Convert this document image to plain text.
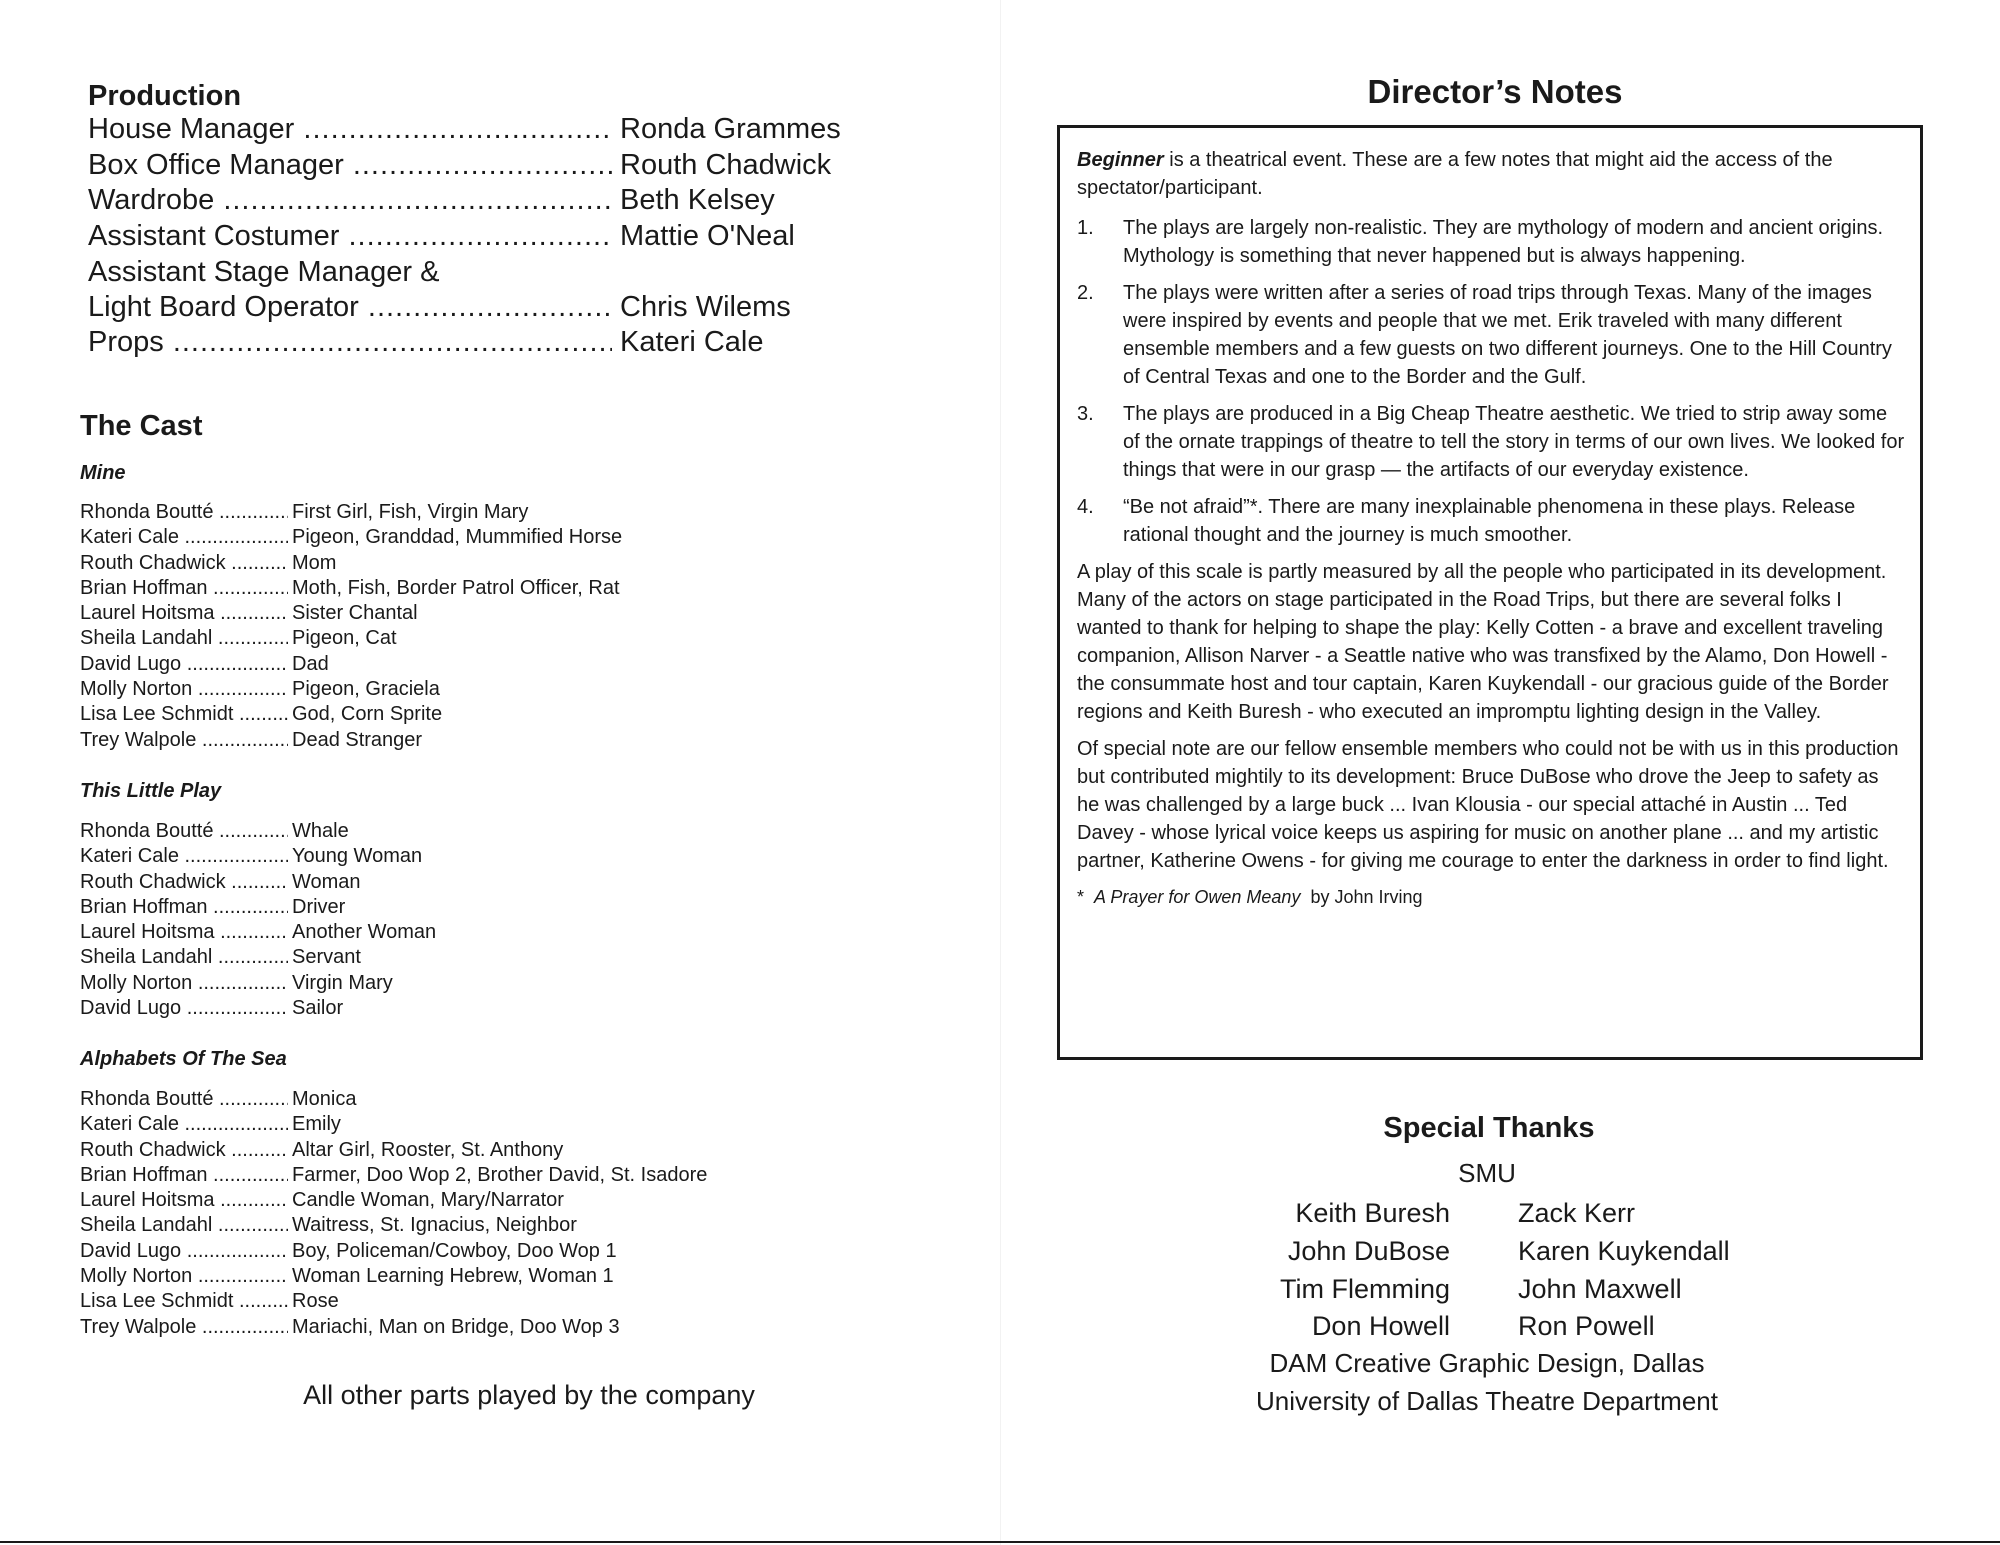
Production
House Manager .....	Ronda Grammes
Box Office Manager .....	Routh Chadwick
Wardrobe .....	Beth Kelsey
Assistant Costumer .....	Mattie O'Neal
Assistant Stage Manager &
Light Board Operator .....	Chris Wilems
Props .....	Kateri Cale
The Cast
Mine
Rhonda Boutté .....	First Girl, Fish, Virgin Mary
Kateri Cale .....	Pigeon, Granddad, Mummified Horse
Routh Chadwick .....	Mom
Brian Hoffman .....	Moth, Fish, Border Patrol Officer, Rat
Laurel Hoitsma .....	Sister Chantal
Sheila Landahl .....	Pigeon, Cat
David Lugo .....	Dad
Molly Norton .....	Pigeon, Graciela
Lisa Lee Schmidt .....	God, Corn Sprite
Trey Walpole .....	Dead Stranger
This Little Play
Rhonda Boutté .....	Whale
Kateri Cale .....	Young Woman
Routh Chadwick .....	Woman
Brian Hoffman .....	Driver
Laurel Hoitsma .....	Another Woman
Sheila Landahl .....	Servant
Molly Norton .....	Virgin Mary
David Lugo .....	Sailor
Alphabets Of The Sea
Rhonda Boutté .....	Monica
Kateri Cale .....	Emily
Routh Chadwick .....	Altar Girl, Rooster, St. Anthony
Brian Hoffman .....	Farmer, Doo Wop 2, Brother David, St. Isadore
Laurel Hoitsma .....	Candle Woman, Mary/Narrator
Sheila Landahl .....	Waitress, St. Ignacius, Neighbor
David Lugo .....	Boy, Policeman/Cowboy, Doo Wop 1
Molly Norton .....	Woman Learning Hebrew, Woman 1
Lisa Lee Schmidt .....	Rose
Trey Walpole .....	Mariachi, Man on Bridge, Doo Wop 3
All other parts played by the company
Director’s Notes
Beginner is a theatrical event. These are a few notes that might aid the access of the spectator/participant.
1.	The plays are largely non-realistic. They are mythology of modern and ancient origins. Mythology is something that never happened but is always happening.
2.	The plays were written after a series of road trips through Texas. Many of the images were inspired by events and people that we met. Erik traveled with many different ensemble members and a few guests on two different journeys. One to the Hill Country of Central Texas and one to the Border and the Gulf.
3.	The plays are produced in a Big Cheap Theatre aesthetic. We tried to strip away some of the ornate trappings of theatre to tell the story in terms of our own lives. We looked for things that were in our grasp — the artifacts of our everyday existence.
4.	“Be not afraid”*. There are many inexplainable phenomena in these plays. Release rational thought and the journey is much smoother.
A play of this scale is partly measured by all the people who participated in its development. Many of the actors on stage participated in the Road Trips, but there are several folks I wanted to thank for helping to shape the play: Kelly Cotten - a brave and excellent traveling companion, Allison Narver - a Seattle native who was transfixed by the Alamo, Don Howell - the consummate host and tour captain, Karen Kuykendall - our gracious guide of the Border regions and Keith Buresh - who executed an impromptu lighting design in the Valley.
Of special note are our fellow ensemble members who could not be with us in this production but contributed mightily to its development: Bruce DuBose who drove the Jeep to safety as he was challenged by a large buck ... Ivan Klousia - our special attaché in Austin ... Ted Davey - whose lyrical voice keeps us aspiring for music on another plane ... and my artistic partner, Katherine Owens - for giving me courage to enter the darkness in order to find light.
* A Prayer for Owen Meany by John Irving
Special Thanks
SMU
Keith Buresh	Zack Kerr
John DuBose	Karen Kuykendall
Tim Flemming	John Maxwell
Don Howell	Ron Powell
DAM Creative Graphic Design, Dallas
University of Dallas Theatre Department
